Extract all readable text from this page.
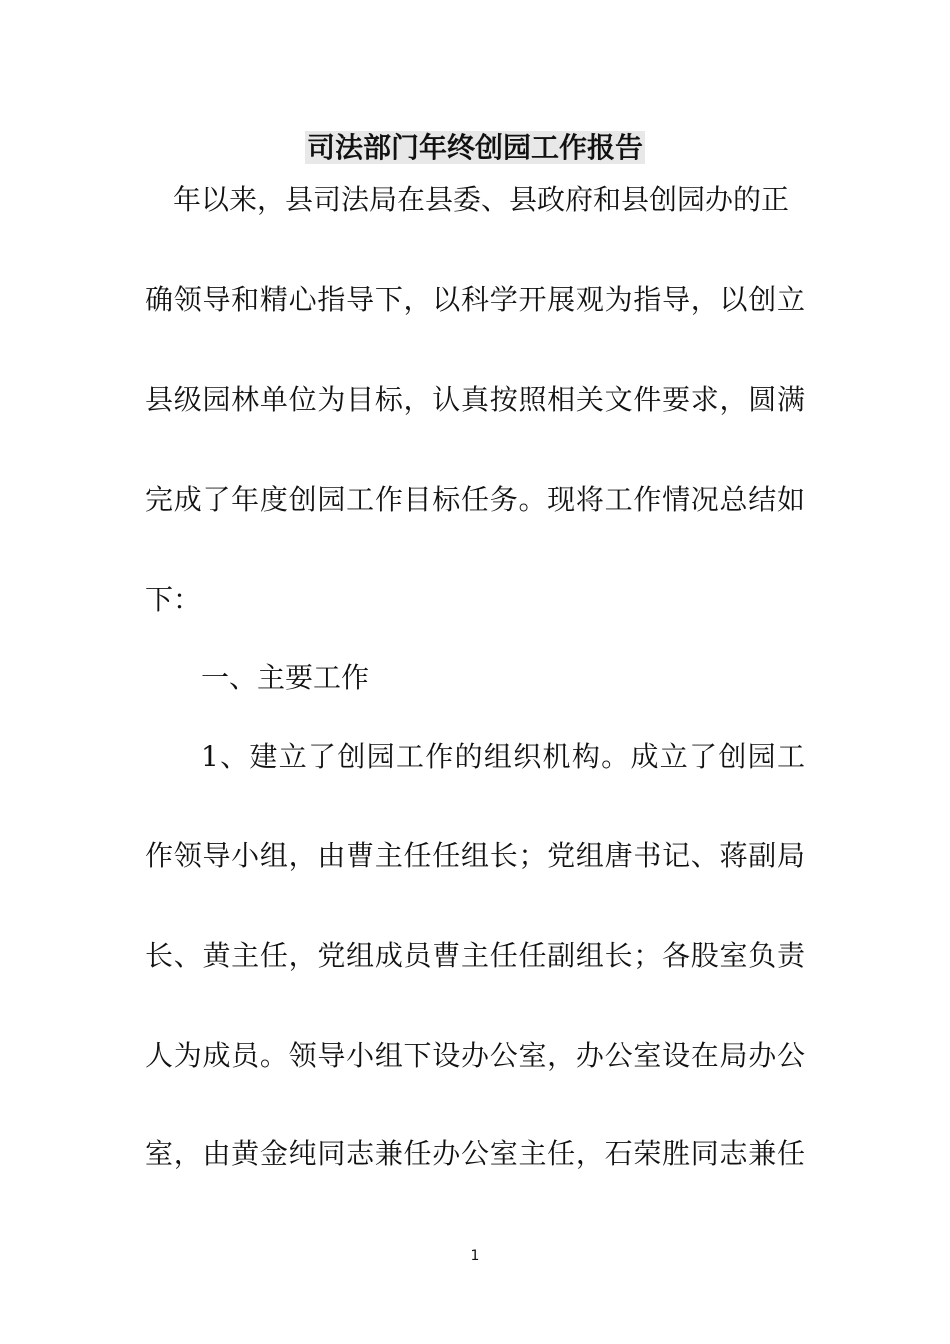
司法部门年终创园工作报告
年以来，县司法局在县委、县政府和县创园办的正
确领导和精心指导下，以科学开展观为指导，以创立
县级园林单位为目标，认真按照相关文件要求，圆满
完成了年度创园工作目标任务。现将工作情况总结如
下：
一、主要工作
1、建立了创园工作的组织机构。成立了创园工
作领导小组，由曹主任任组长；党组唐书记、蒋副局
长、黄主任，党组成员曹主任任副组长；各股室负责
人为成员。领导小组下设办公室，办公室设在局办公
室，由黄金纯同志兼任办公室主任，石荣胜同志兼任
1
